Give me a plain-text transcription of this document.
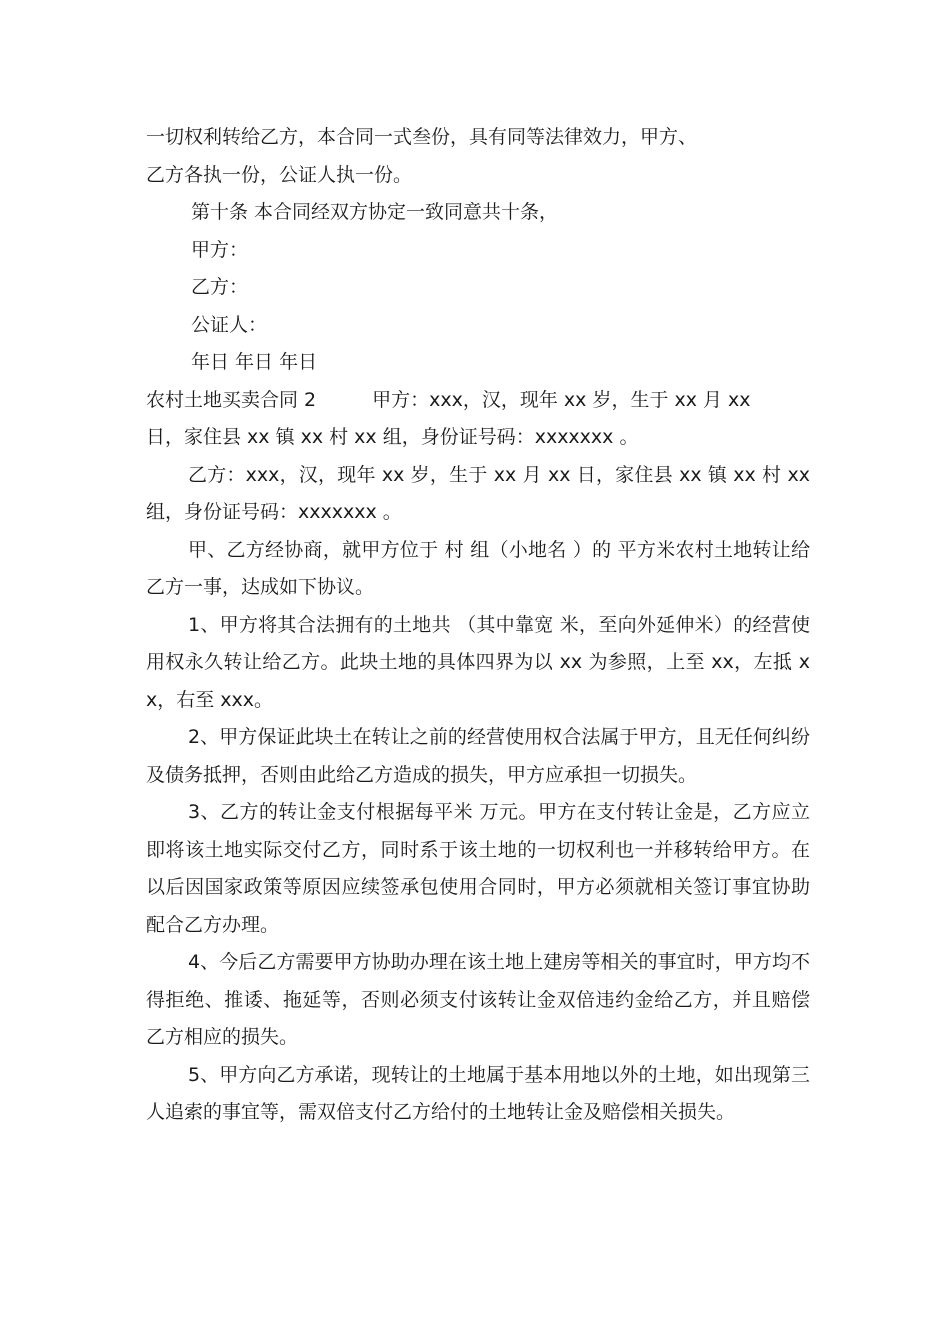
一切权利转给乙方，本合同一式叁份，具有同等法律效力，甲方、
乙方各执一份，公证人执一份。

第十条 本合同经双方协定一致同意共十条，

甲方：

乙方：

公证人：

年日 年日 年日

农村土地买卖合同 2	甲方：xxx，汉，现年 xx 岁，生于 xx 月 xx
日，家住县 xx 镇 xx 村 xx 组，身份证号码：xxxxxxx 。

乙方：xxx，汉，现年 xx 岁，生于 xx 月 xx 日，家住县 xx 镇 xx 村 xx 组，身份证号码：xxxxxxx 。

甲、乙方经协商，就甲方位于 村 组（小地名 ）的 平方米农村土地转让给乙方一事，达成如下协议。

1、甲方将其合法拥有的土地共 （其中靠宽 米，至向外延伸米）的经营使用权永久转让给乙方。此块土地的具体四界为以 xx 为参照，上至 xx，左抵 xx，右至 xxx。

2、甲方保证此块土在转让之前的经营使用权合法属于甲方，且无任何纠纷及债务抵押，否则由此给乙方造成的损失，甲方应承担一切损失。

3、乙方的转让金支付根据每平米 万元。甲方在支付转让金是，乙方应立即将该土地实际交付乙方，同时系于该土地的一切权利也一并移转给甲方。在以后因国家政策等原因应续签承包使用合同时，甲方必须就相关签订事宜协助配合乙方办理。

4、今后乙方需要甲方协助办理在该土地上建房等相关的事宜时，甲方均不得拒绝、推诿、拖延等，否则必须支付该转让金双倍违约金给乙方，并且赔偿乙方相应的损失。

5、甲方向乙方承诺，现转让的土地属于基本用地以外的土地，如出现第三人追索的事宜等，需双倍支付乙方给付的土地转让金及赔偿相关损失。
